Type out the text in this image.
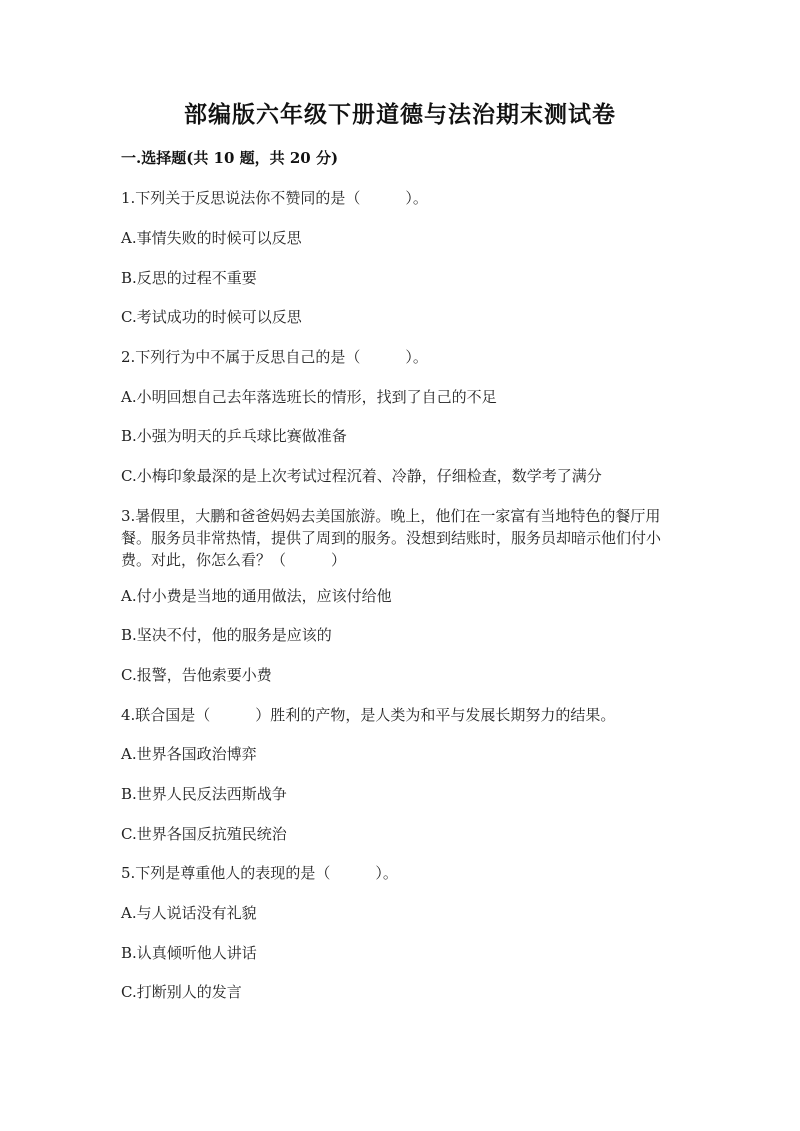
部编版六年级下册道德与法治期末测试卷
一.选择题(共 10 题，共 20 分)
1.下列关于反思说法你不赞同的是（　　　）。
A.事情失败的时候可以反思
B.反思的过程不重要
C.考试成功的时候可以反思
2.下列行为中不属于反思自己的是（　　　）。
A.小明回想自己去年落选班长的情形，找到了自己的不足
B.小强为明天的乒乓球比赛做准备
C.小梅印象最深的是上次考试过程沉着、冷静，仔细检查，数学考了满分
3.暑假里，大鹏和爸爸妈妈去美国旅游。晚上，他们在一家富有当地特色的餐厅用餐。服务员非常热情，提供了周到的服务。没想到结账时，服务员却暗示他们付小费。对此，你怎么看？（　　　）
A.付小费是当地的通用做法，应该付给他
B.坚决不付，他的服务是应该的
C.报警，告他索要小费
4.联合国是（　　　）胜利的产物，是人类为和平与发展长期努力的结果。
A.世界各国政治博弈
B.世界人民反法西斯战争
C.世界各国反抗殖民统治
5.下列是尊重他人的表现的是（　　　）。
A.与人说话没有礼貌
B.认真倾听他人讲话
C.打断别人的发言
